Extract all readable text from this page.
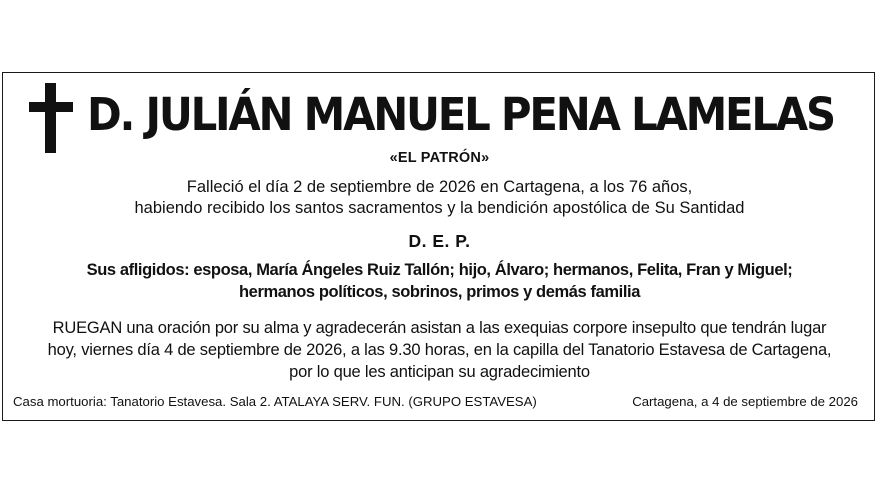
D. JULIÁN MANUEL PENA LAMELAS
«EL PATRÓN»
Falleció el día 2 de septiembre de 2026 en Cartagena, a los 76 años,
habiendo recibido los santos sacramentos y la bendición apostólica de Su Santidad
D. E. P.
Sus afligidos: esposa, María Ángeles Ruiz Tallón; hijo, Álvaro; hermanos, Felita, Fran y Miguel;
hermanos políticos, sobrinos, primos y demás familia
RUEGAN una oración por su alma y agradecerán asistan a las exequias corpore insepulto que tendrán lugar
hoy, viernes día 4 de septiembre de 2026, a las 9.30 horas, en la capilla del Tanatorio Estavesa de Cartagena,
por lo que les anticipan su agradecimiento
Casa mortuoria: Tanatorio Estavesa. Sala 2. ATALAYA SERV. FUN. (GRUPO ESTAVESA)	Cartagena, a 4 de septiembre de 2026
